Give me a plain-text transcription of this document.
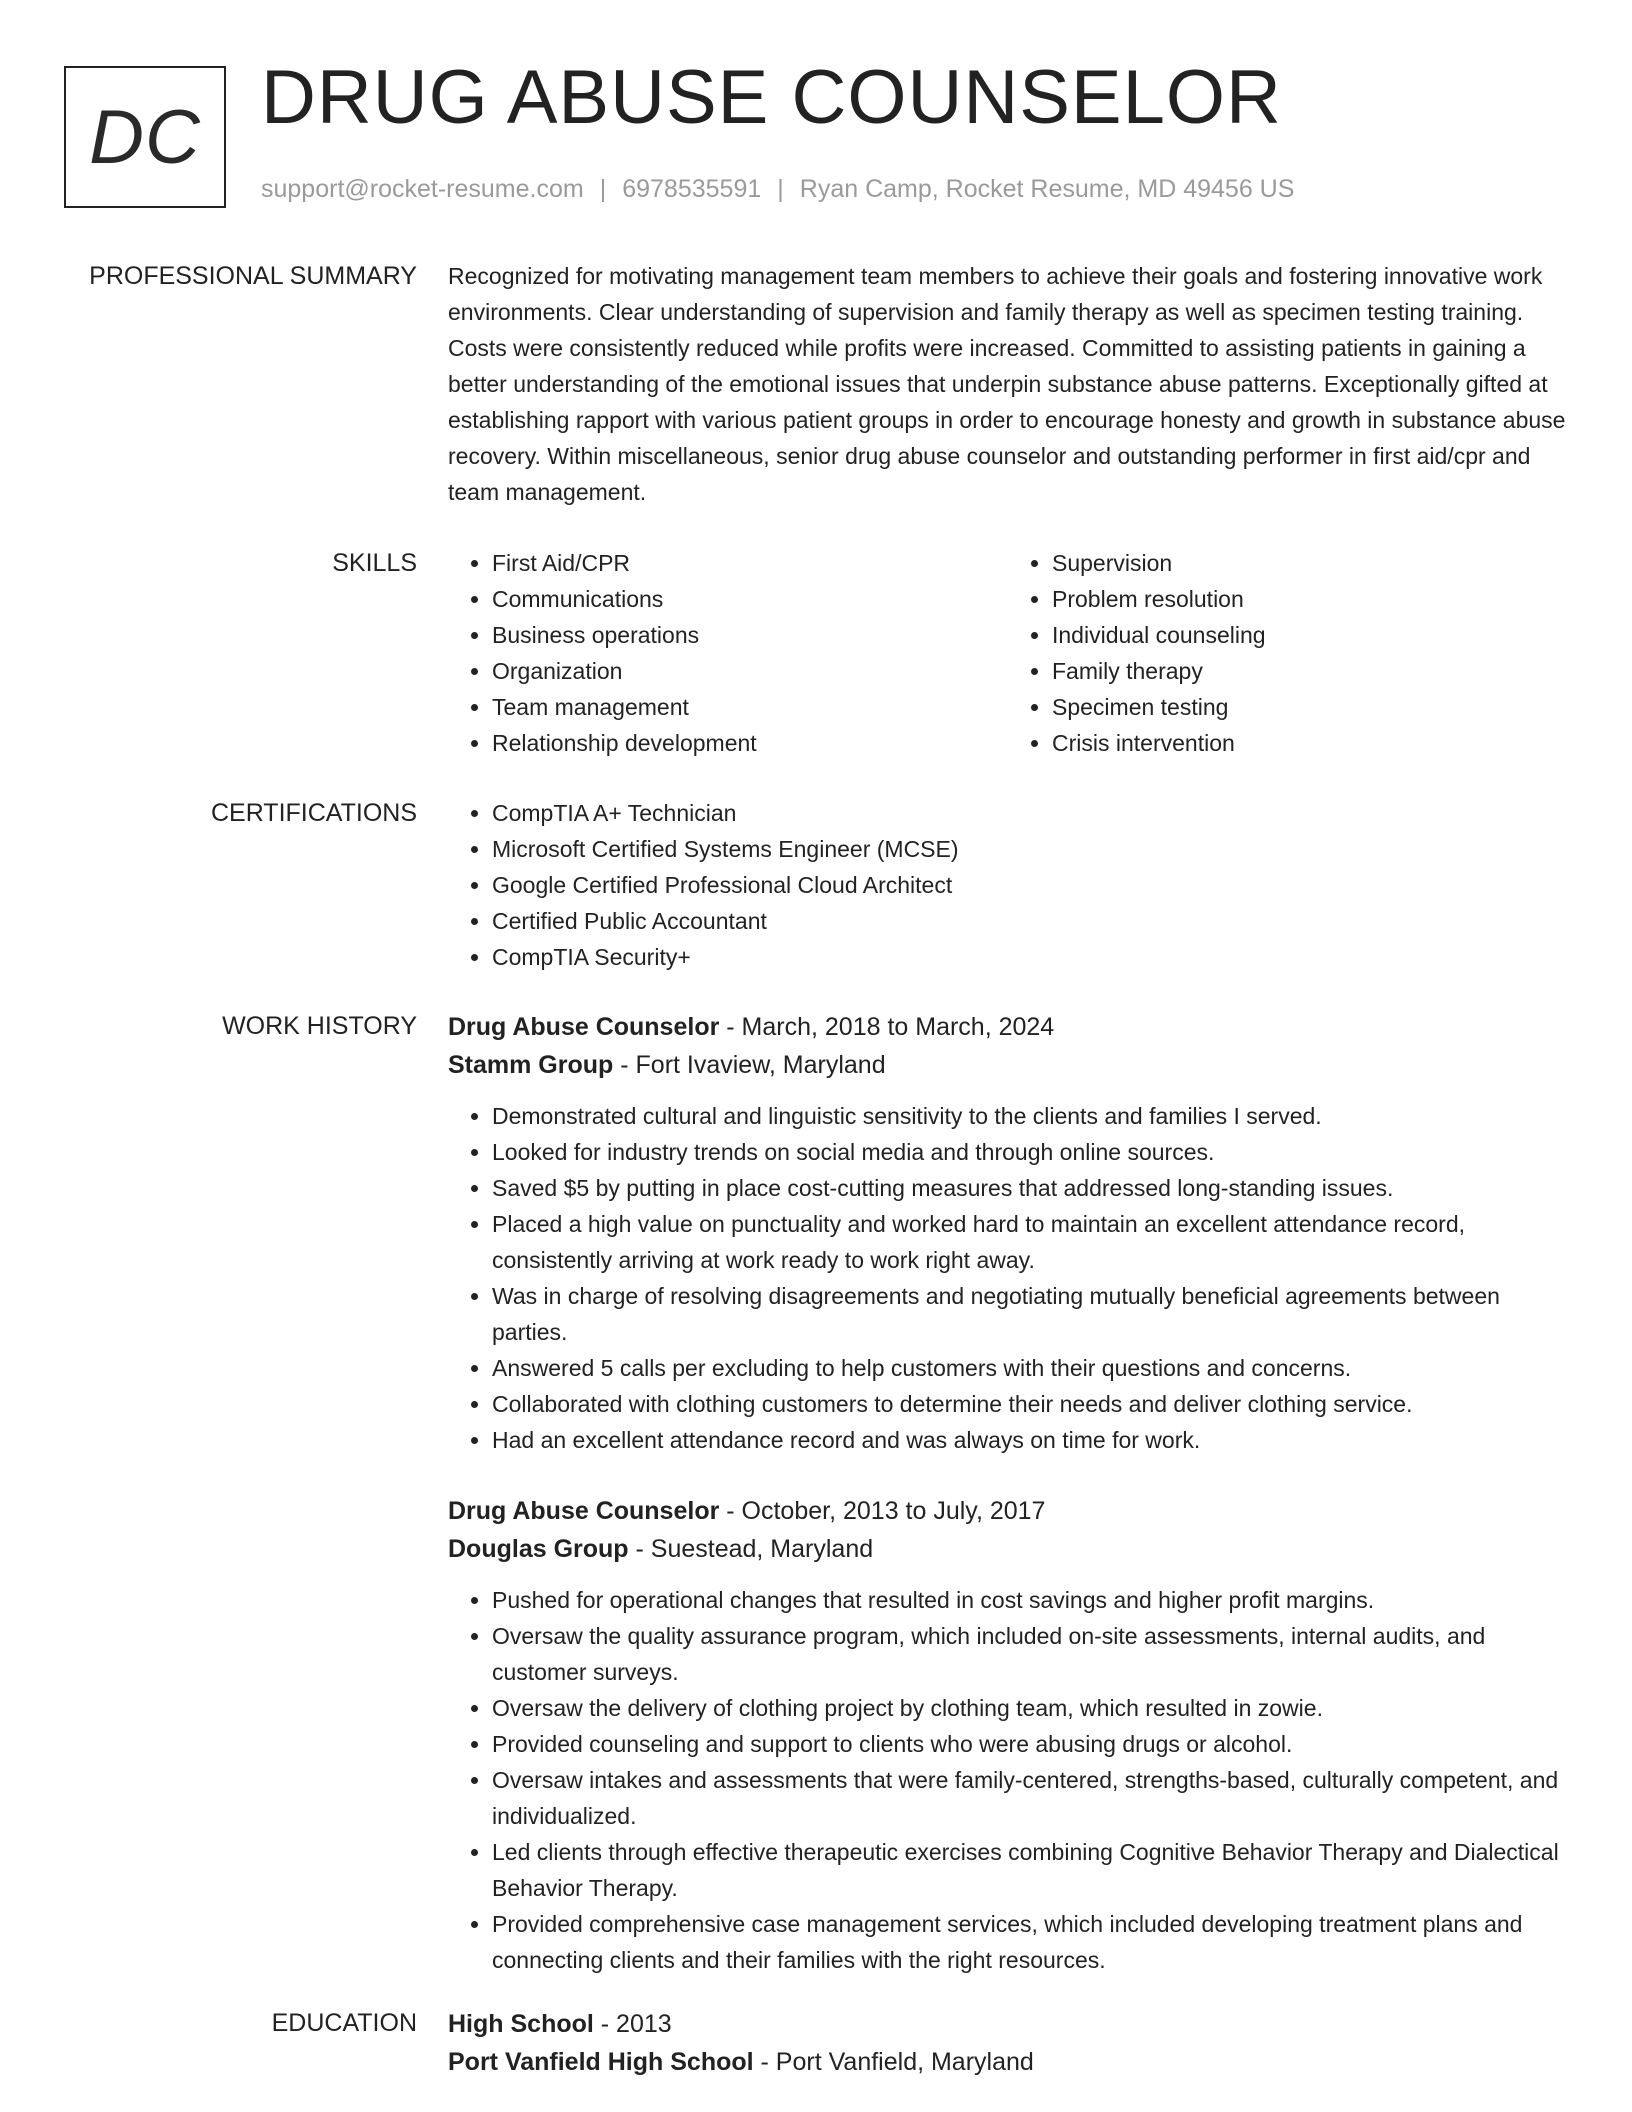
DC DRUG ABUSE COUNSELOR
support@rocket-resume.com | 6978535591 | Ryan Camp, Rocket Resume, MD 49456 US
PROFESSIONAL SUMMARY Recognized for motivating management team members to achieve their goals and fostering innovative work environments. Clear understanding of supervision and family therapy as well as specimen testing training. Costs were consistently reduced while profits were increased. Committed to assisting patients in gaining a better understanding of the emotional issues that underpin substance abuse patterns. Exceptionally gifted at establishing rapport with various patient groups in order to encourage honesty and growth in substance abuse recovery. Within miscellaneous, senior drug abuse counselor and outstanding performer in first aid/cpr and team management.
SKILLS	• First Aid/CPR
• Communications
• Business operations
• Organization
• Team management
• Relationship development
• Supervision
• Problem resolution
• Individual counseling
• Family therapy
• Specimen testing
• Crisis intervention
CERTIFICATIONS	• CompTIA A+ Technician
• Microsoft Certified Systems Engineer (MCSE)
• Google Certified Professional Cloud Architect
• Certified Public Accountant
• CompTIA Security+
WORK HISTORY Drug Abuse Counselor - March, 2018 to March, 2024
Stamm Group - Fort Ivaview, Maryland
• Demonstrated cultural and linguistic sensitivity to the clients and families I served.
• Looked for industry trends on social media and through online sources.
• Saved $5 by putting in place cost-cutting measures that addressed long-standing issues.
• Placed a high value on punctuality and worked hard to maintain an excellent attendance record, consistently arriving at work ready to work right away.
• Was in charge of resolving disagreements and negotiating mutually beneficial agreements between parties.
• Answered 5 calls per excluding to help customers with their questions and concerns.
• Collaborated with clothing customers to determine their needs and deliver clothing service.
• Had an excellent attendance record and was always on time for work.
Drug Abuse Counselor - October, 2013 to July, 2017
Douglas Group - Suestead, Maryland
• Pushed for operational changes that resulted in cost savings and higher profit margins.
• Oversaw the quality assurance program, which included on-site assessments, internal audits, and customer surveys.
• Oversaw the delivery of clothing project by clothing team, which resulted in zowie.
• Provided counseling and support to clients who were abusing drugs or alcohol.
• Oversaw intakes and assessments that were family-centered, strengths-based, culturally competent, and individualized.
• Led clients through effective therapeutic exercises combining Cognitive Behavior Therapy and Dialectical Behavior Therapy.
• Provided comprehensive case management services, which included developing treatment plans and connecting clients and their families with the right resources.
EDUCATION High School - 2013
Port Vanfield High School - Port Vanfield, Maryland
